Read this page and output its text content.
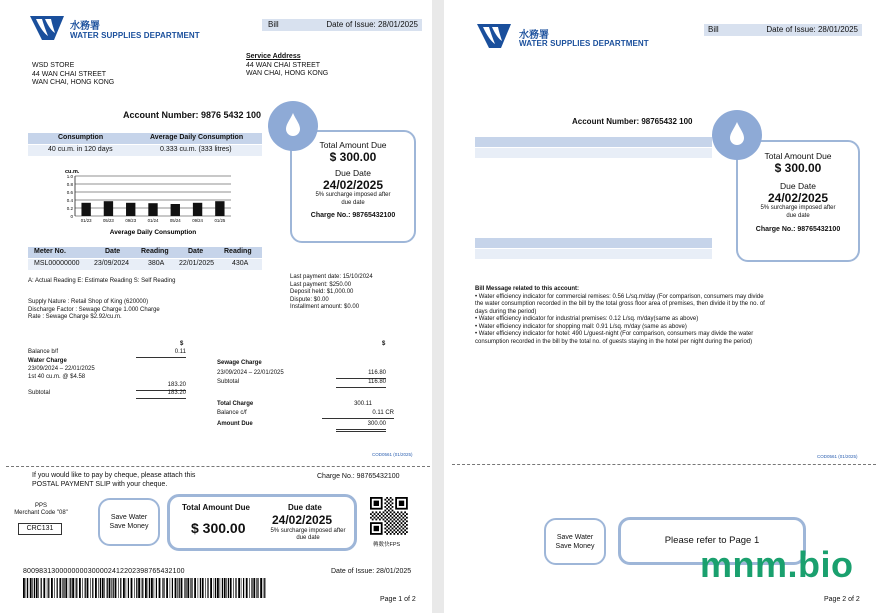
水務署
WATER SUPPLIES DEPARTMENT
Bill	Date of Issue: 28/01/2025
WSD STORE
44 WAN CHAI STREET
WAN CHAI, HONG KONG
Service Address
44 WAN CHAI STREET
WAN CHAI, HONG KONG
Account Number: 9876 5432 100
Consumption	Average Daily Consumption
40 cu.m. in 120 days	0.333 cu.m. (333 litres)
cu.m.
1.0
0.8
0.6
0.4
0.2
0
01/23	05/23	09/23	01/24	05/24	09/24	01/25
Average Daily Consumption
Total Amount Due
$ 300.00
Due Date
24/02/2025
5% surcharge imposed after
due date
Charge No.: 98765432100
Meter No.	Date	Reading	Date	Reading
MSL00000000 23/09/2024	380A 22/01/2025	430A
A: Actual Reading E: Estimate Reading S: Self Reading
Last payment date: 15/10/2024
Last payment: $250.00
Deposit held: $1,000.00
Dispute: $0.00
Installment amount: $0.00
Supply Nature : Retail Shop of King (620000)
Discharge Factor : Sewage Charge 1.000 Charge
Rate : Sewage Charge $2.92/cu.m.
$	$
Balance b/f	0.11
Water Charge
23/09/2024 – 22/01/2025
1st 40 cu.m. @ $4.58
183.20
Subtotal	183.20
Sewage Charge
23/09/2024 – 22/01/2025	116.80
Subtotal	116.80
Total Charge	300.11
Balance c/f	0.11 CR
Amount Due	300.00
COD0561 (01/2025)
If you would like to pay by cheque, please attach this
POSTAL PAYMENT SLIP with your cheque.
Charge No.: 98765432100
PPS
Merchant Code "08"
CRC131
Save Water
Save Money
Total Amount Due
$ 300.00
Due date
24/02/2025
5% surcharge imposed after
due date
轉數快FPS
8009831300000000300002412202398765432100	Date of Issue: 28/01/2025
Page 1 of 2
水務署
WATER SUPPLIES DEPARTMENT
Bill	Date of Issue: 28/01/2025
Account Number: 98765432 100
Total Amount Due
$ 300.00
Due Date
24/02/2025
5% surcharge imposed after
due date
Charge No.: 98765432100
Bill Message related to this account:
• Water efficiency indicator for commercial remises: 0.56 L/sq.m/day (For comparison, consumers may divide
the water consumption recorded in the bill by the total gross floor area of premises, then divide it by the no. of
days during the period)
• Water efficiency indicator for industrial premises: 0.12 L/sq. m/day(same as above)
• Water efficiency indicator for shopping mall: 0.91 L/sq. m/day (same as above)
• Water efficiency indicator for hotel: 490 L/guest-night (For comparison, consumers may divide the water
consumption recorded in the bill by the total no. of guests staying in the hotel per night during the period)
COD0561 (01/2025)
Save Water
Save Money	Please refer to Page 1
mnm.bio
Page 2 of 2
